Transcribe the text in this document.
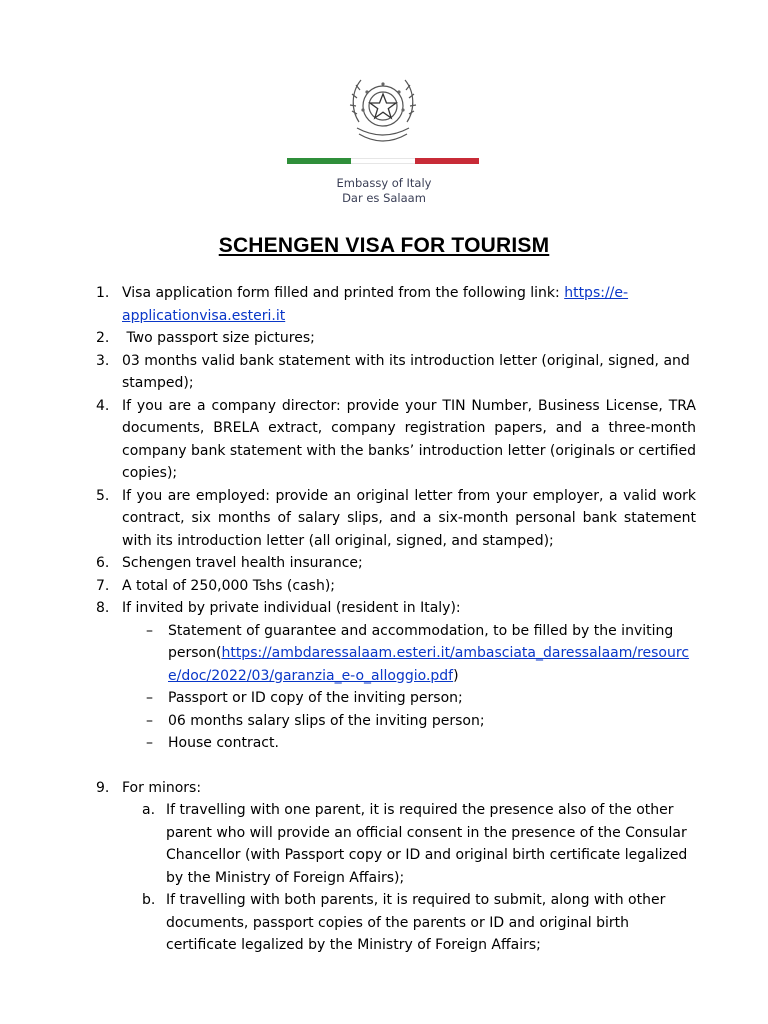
Embassy of Italy
Dar es Salaam
SCHENGEN VISA FOR TOURISM
1. Visa application form filled and printed from the following link: https://e-applicationvisa.esteri.it

2. Two passport size pictures;

3. 03 months valid bank statement with its introduction letter (original, signed, and stamped);

4. If you are a company director: provide your TIN Number, Business License, TRA documents, BRELA extract, company registration papers, and a three-month company bank statement with the banks’ introduction letter (originals or certified copies);

5. If you are employed: provide an original letter from your employer, a valid work contract, six months of salary slips, and a six-month personal bank statement with its introduction letter (all original, signed, and stamped);

6. Schengen travel health insurance;

7. A total of 250,000 Tshs (cash);

8. If invited by private individual (resident in Italy):

– Statement of guarantee and accommodation, to be filled by the inviting person(https://ambdaressalaam.esteri.it/ambasciata_daressalaam/resource/doc/2022/03/garanzia_e-o_alloggio.pdf)

– Passport or ID copy of the inviting person;

– 06 months salary slips of the inviting person;

– House contract.

9. For minors:

a. If travelling with one parent, it is required the presence also of the other parent who will provide an official consent in the presence of the Consular Chancellor (with Passport copy or ID and original birth certificate legalized by the Ministry of Foreign Affairs);

b. If travelling with both parents, it is required to submit, along with other documents, passport copies of the parents or ID and original birth certificate legalized by the Ministry of Foreign Affairs;
